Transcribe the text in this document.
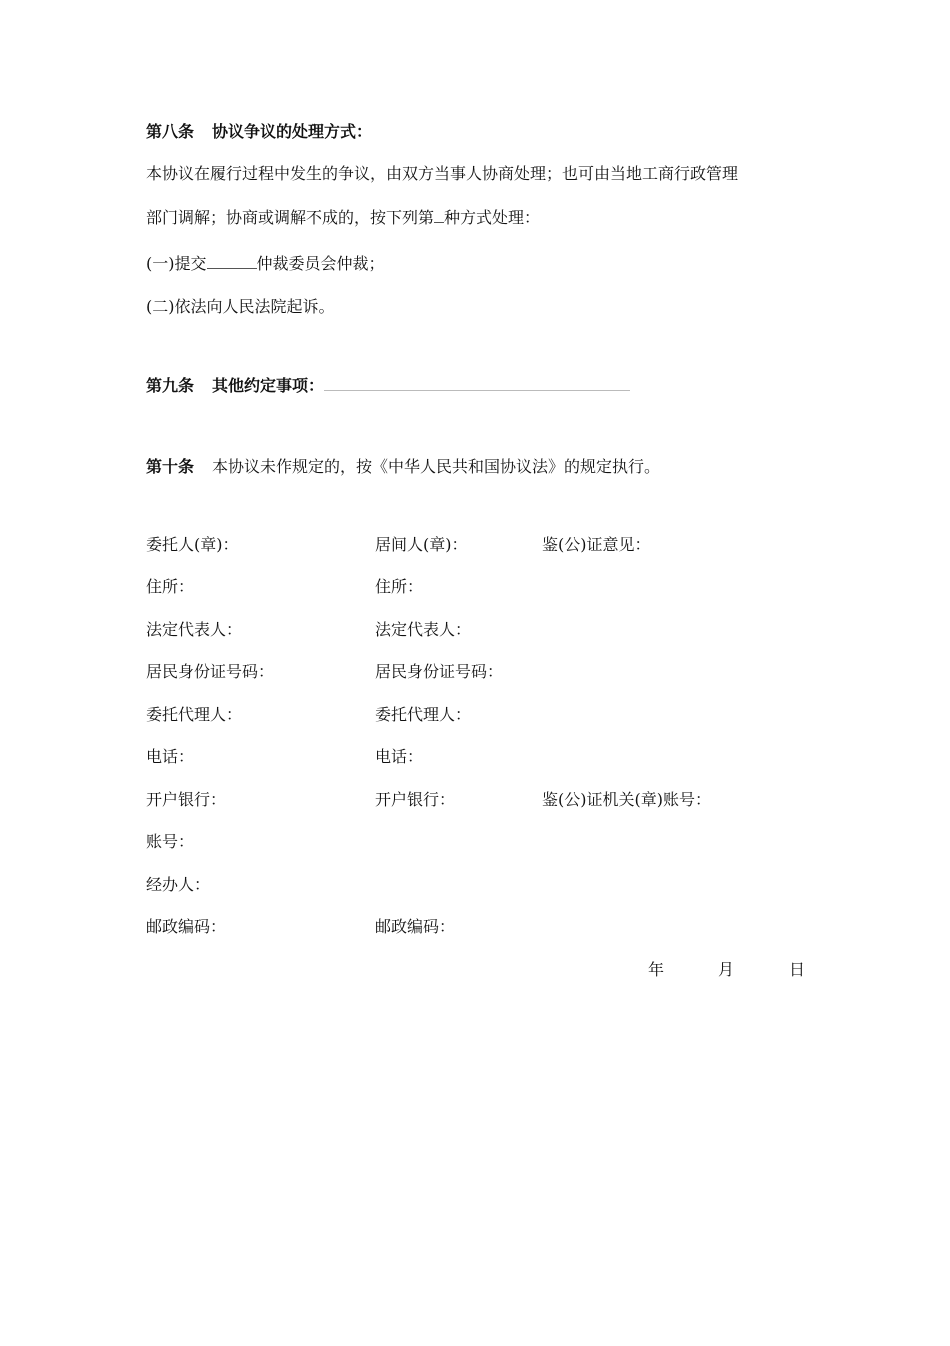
第八条 协议争议的处理方式：
本协议在履行过程中发生的争议，由双方当事人协商处理；也可由当地工商行政管理
部门调解；协商或调解不成的，按下列第 种方式处理：
(一)提交	仲裁委员会仲裁；
(二)依法向人民法院起诉。
第九条 其他约定事项：
第十条 本协议未作规定的，按《中华人民共和国协议法》的规定执行。
委托人(章)：	居间人(章)：	鉴(公)证意见：
住所：	住所：
法定代表人：	法定代表人：
居民身份证号码：	居民身份证号码：
委托代理人：	委托代理人：
电话：	电话：
开户银行：	开户银行：	鉴(公)证机关(章)账号：
账号：
经办人：
邮政编码：	邮政编码：
年	月	日
